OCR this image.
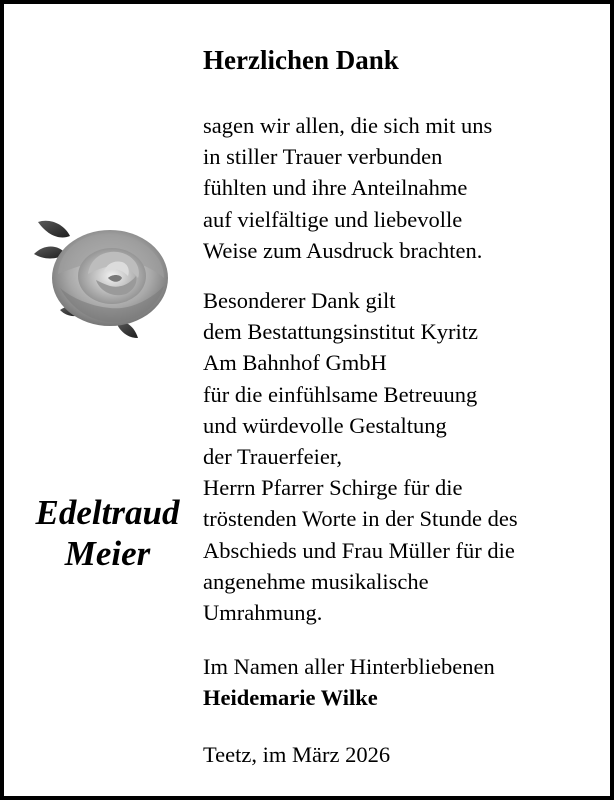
Herzlichen Dank
sagen wir allen, die sich mit uns
in stiller Trauer verbunden
fühlten und ihre Anteilnahme
auf vielfältige und liebevolle
Weise zum Ausdruck brachten.
Besonderer Dank gilt
dem Bestattungsinstitut Kyritz
Am Bahnhof GmbH
für die einfühlsame Betreuung
und würdevolle Gestaltung
der Trauerfeier,
Herrn Pfarrer Schirge für die
tröstenden Worte in der Stunde des
Abschieds und Frau Müller für die
angenehme musikalische
Umrahmung.
Im Namen aller Hinterbliebenen
Heidemarie Wilke
Teetz, im März 2026
Edeltraud
Meier
